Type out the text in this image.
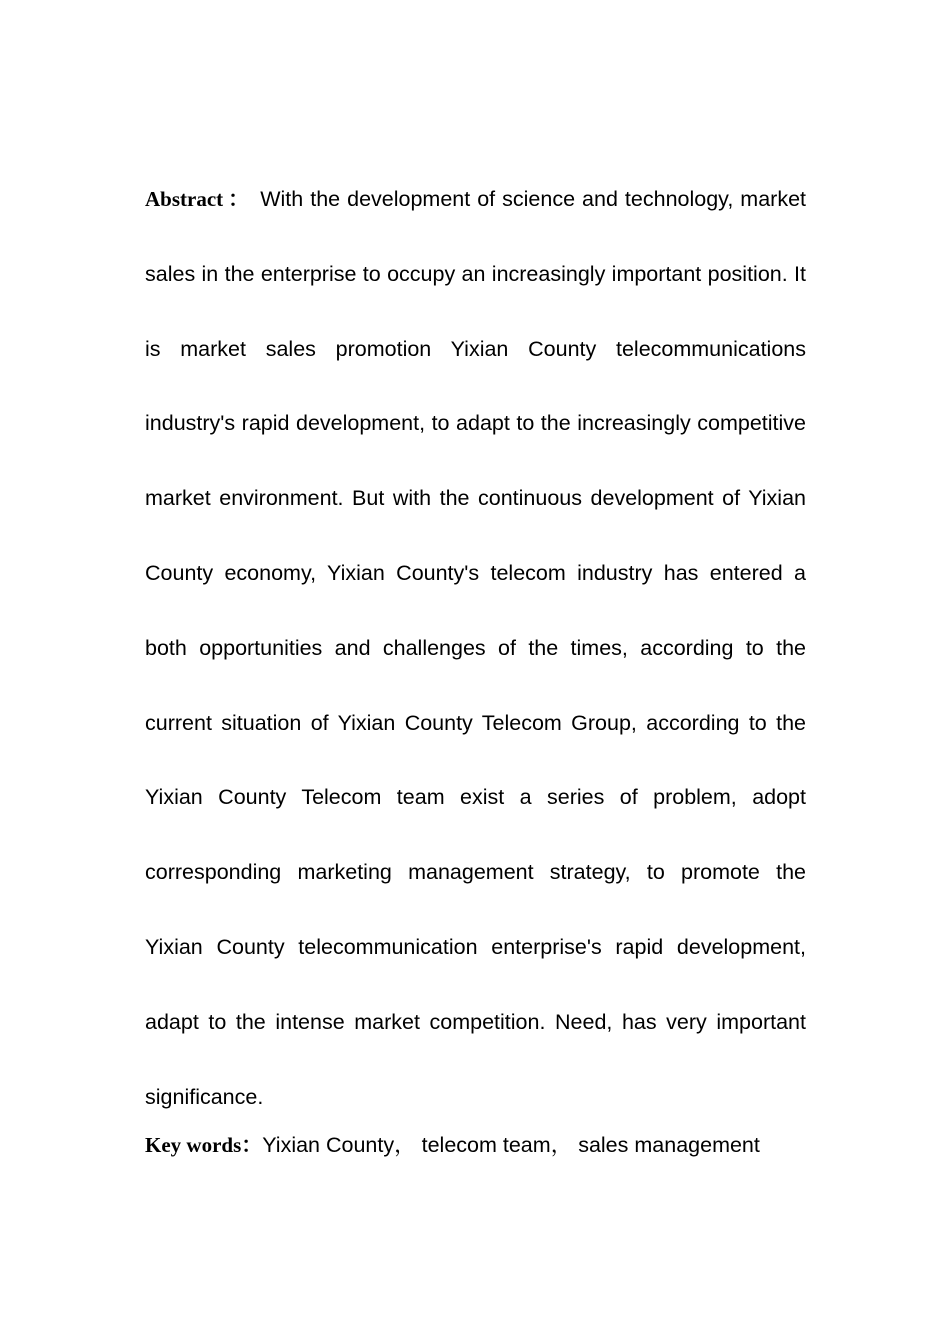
Abstract ： With the development of science and technology, market sales in the enterprise to occupy an increasingly important position. It is market sales promotion Yixian County telecommunications industry's rapid development, to adapt to the increasingly competitive market environment. But with the continuous development of Yixian County economy, Yixian County's telecom industry has entered a both opportunities and challenges of the times, according to the current situation of Yixian County Telecom Group, according to the Yixian County Telecom team exist a series of problem, adopt corresponding marketing management strategy, to promote the Yixian County telecommunication enterprise's rapid development, adapt to the intense market competition. Need, has very important significance.

Key words：Yixian County， telecom team， sales management
